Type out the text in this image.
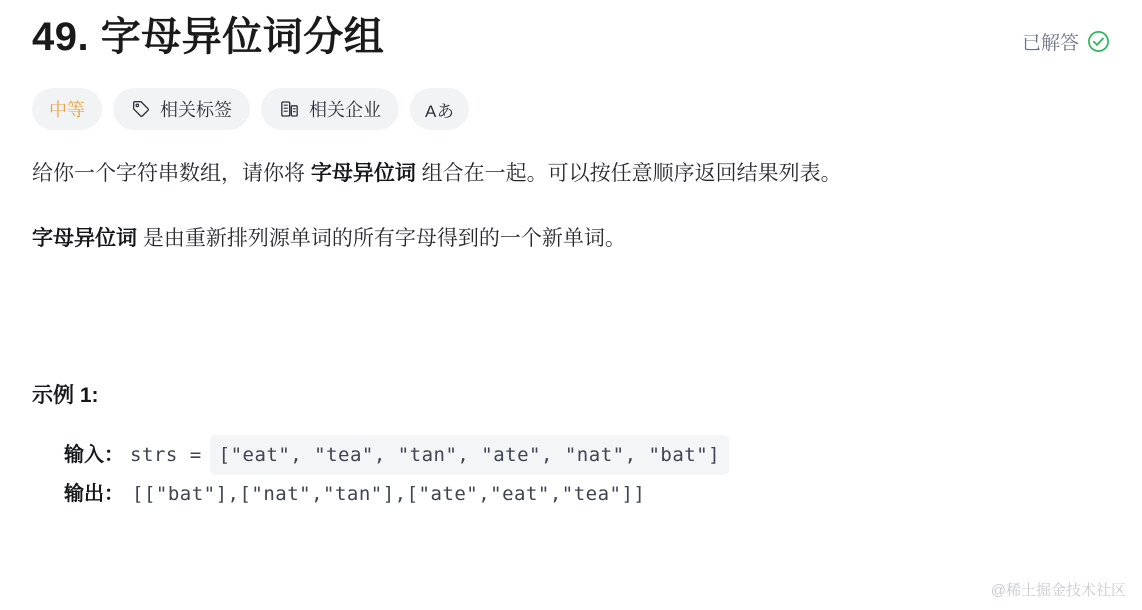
49. 字母异位词分组	已解答
中等	相关标签	相关企业	Aあ
给你一个字符串数组，请你将 字母异位词 组合在一起。可以按任意顺序返回结果列表。
字母异位词 是由重新排列源单词的所有字母得到的一个新单词。
示例 1:
输入： strs = ["eat", "tea", "tan", "ate", "nat", "bat"]
输出： [["bat"],["nat","tan"],["ate","eat","tea"]]
@稀土掘金技术社区
